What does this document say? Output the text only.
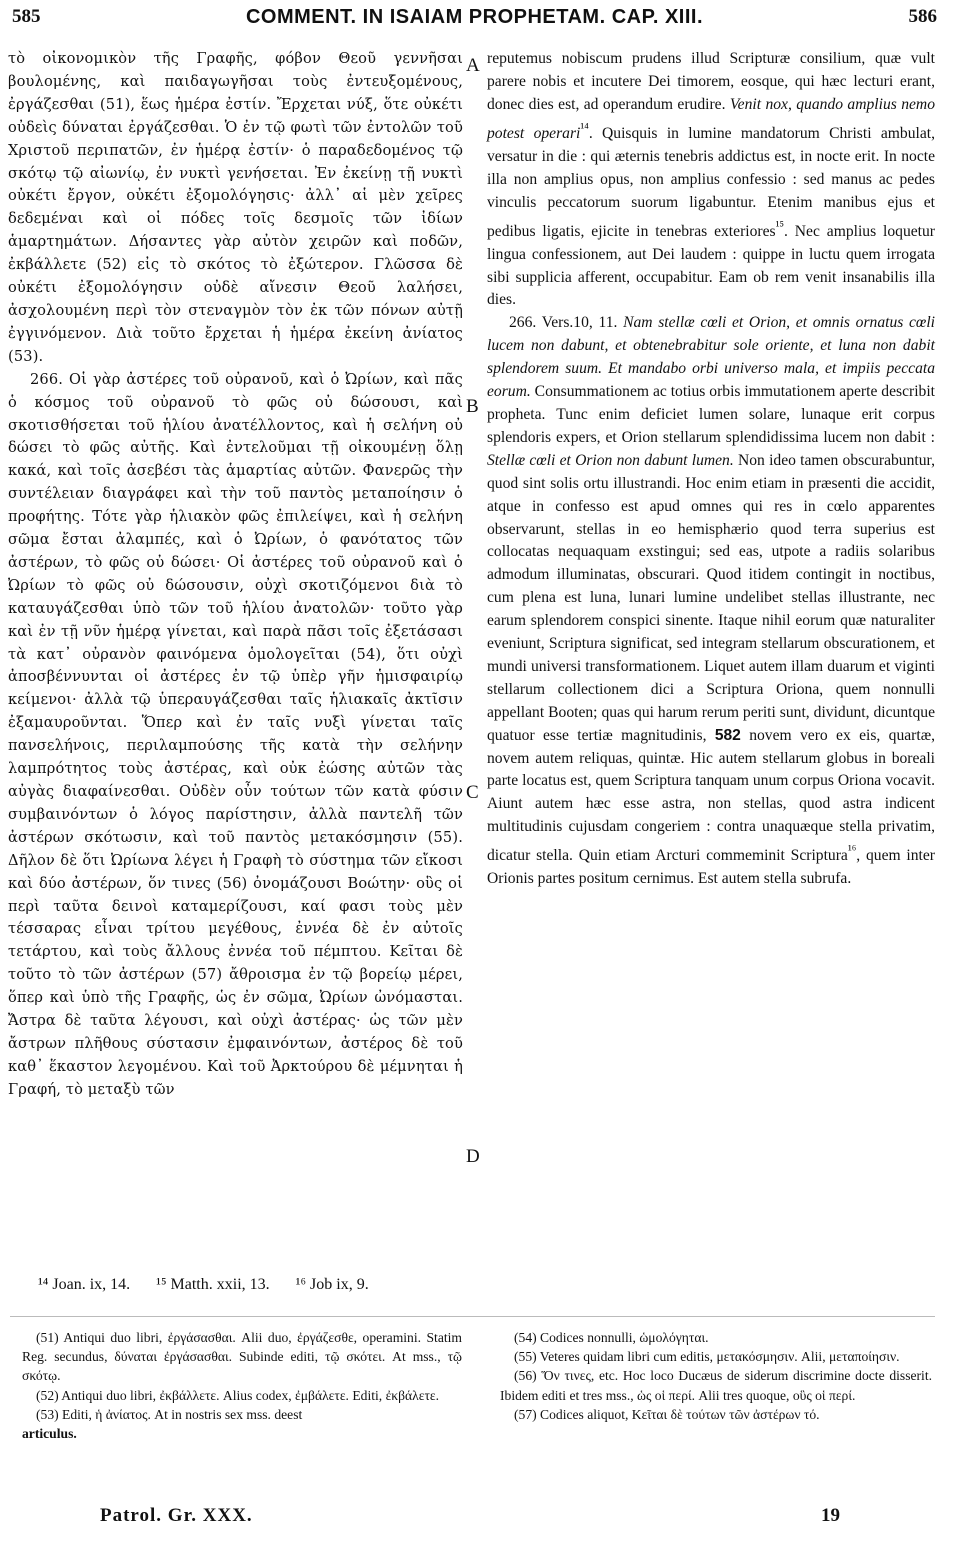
585	COMMENT. IN ISAIAM PROPHETAM. CAP. XIII.	586

τὸ οἰκονομικὸν τῆς Γραφῆς, φόβον Θεοῦ γεννῆσαι βουλομένης, καὶ παιδαγωγῆσαι τοὺς ἐντευξομένους, ἐργάζεσθαι (51), ἕως ἡμέρα ἐστίν. Ἔρχεται νύξ, ὅτε οὐκέτι οὐδεὶς δύναται ἐργάζεσθαι. Ὁ ἐν τῷ φωτὶ τῶν ἐντολῶν τοῦ Χριστοῦ περιπατῶν, ἐν ἡμέρᾳ ἐστίν· ὁ παραδεδομένος τῷ σκότῳ τῷ αἰωνίῳ, ἐν νυκτὶ γενήσεται. Ἐν ἐκείνῃ τῇ νυκτὶ οὐκέτι ἔργον, οὐκέτι ἐξομολόγησις· ἀλλ᾽ αἱ μὲν χεῖρες δεδεμέναι καὶ οἱ πόδες τοῖς δεσμοῖς τῶν ἰδίων ἁμαρτημάτων. Δήσαντες γὰρ αὐτὸν χειρῶν καὶ ποδῶν, ἐκβάλλετε (52) εἰς τὸ σκότος τὸ ἐξώτερον. Γλῶσσα δὲ οὐκέτι ἐξομολόγησιν οὐδὲ αἴνεσιν Θεοῦ λαλήσει, ἀσχολουμένη περὶ τὸν στεναγμὸν τὸν ἐκ τῶν πόνων αὐτῇ ἐγγινόμενον. Διὰ τοῦτο ἔρχεται ἡ ἡμέρα ἐκείνη ἀνίατος (53).

266. Οἱ γὰρ ἀστέρες τοῦ οὐρανοῦ, καὶ ὁ Ὠρίων, καὶ πᾶς ὁ κόσμος τοῦ οὐρανοῦ τὸ φῶς οὐ δώσουσι, καὶ σκοτισθήσεται τοῦ ἡλίου ἀνατέλλοντος, καὶ ἡ σελήνη οὐ δώσει τὸ φῶς αὐτῆς. Καὶ ἐντελοῦμαι τῇ οἰκουμένῃ ὅλῃ κακά, καὶ τοῖς ἀσεβέσι τὰς ἁμαρτίας αὐτῶν. Φανερῶς τὴν συντέλειαν διαγράφει καὶ τὴν τοῦ παντὸς μεταποίησιν ὁ προφήτης. Τότε γὰρ ἡλιακὸν φῶς ἐπιλείψει, καὶ ἡ σελήνη σῶμα ἔσται ἀλαμπές, καὶ ὁ Ὠρίων, ὁ φανότατος τῶν ἀστέρων, τὸ φῶς οὐ δώσει· Οἱ ἀστέρες τοῦ οὐρανοῦ καὶ ὁ Ὠρίων τὸ φῶς οὐ δώσουσιν, οὐχὶ σκοτιζόμενοι διὰ τὸ καταυγάζεσθαι ὑπὸ τῶν τοῦ ἡλίου ἀνατολῶν· τοῦτο γὰρ καὶ ἐν τῇ νῦν ἡμέρᾳ γίνεται, καὶ παρὰ πᾶσι τοῖς ἐξετάσασι τὰ κατ᾽ οὐρανὸν φαινόμενα ὁμολογεῖται (54), ὅτι οὐχὶ ἀποσβέννυνται οἱ ἀστέρες ἐν τῷ ὑπὲρ γῆν ἡμισφαιρίῳ κείμενοι· ἀλλὰ τῷ ὑπεραυγάζεσθαι ταῖς ἡλιακαῖς ἀκτῖσιν ἐξαμαυροῦνται. Ὅπερ καὶ ἐν ταῖς νυξὶ γίνεται ταῖς πανσελήνοις, περιλαμπούσης τῆς κατὰ τὴν σελήνην λαμπρότητος τοὺς ἀστέρας, καὶ οὐκ ἐώσης αὐτῶν τὰς αὐγὰς διαφαίνεσθαι. Οὐδὲν οὖν τούτων τῶν κατὰ φύσιν συμβαινόντων ὁ λόγος παρίστησιν, ἀλλὰ παντελῆ τῶν ἀστέρων σκότωσιν, καὶ τοῦ παντὸς μετακόσμησιν (55). Δῆλον δὲ ὅτι Ὠρίωνα λέγει ἡ Γραφὴ τὸ σύστημα τῶν εἴκοσι καὶ δύο ἀστέρων, ὅν τινες (56) ὀνομάζουσι Βοώτην· οὓς οἱ περὶ ταῦτα δεινοὶ καταμερίζουσι, καί φασι τοὺς μὲν τέσσαρας εἶναι τρίτου μεγέθους, ἐννέα δὲ ἐν αὐτοῖς τετάρτου, καὶ τοὺς ἄλλους ἐννέα τοῦ πέμπτου. Κεῖται δὲ τοῦτο τὸ τῶν ἀστέρων (57) ἄθροισμα ἐν τῷ βορείῳ μέρει, ὅπερ καὶ ὑπὸ τῆς Γραφῆς, ὡς ἐν σῶμα, Ὠρίων ὠνόμασται. Ἄστρα δὲ ταῦτα λέγουσι, καὶ οὐχὶ ἀστέρας· ὡς τῶν μὲν ἄστρων πλῆθους σύστασιν ἐμφαινόντων, ἀστέρος δὲ τοῦ καθ᾽ ἕκαστον λεγομένου. Καὶ τοῦ Ἀρκτούρου δὲ μέμνηται ἡ Γραφή, τὸ μεταξὺ τῶν

A
B
C
D

reputemus nobiscum prudens illud Scripturæ consilium, quæ vult parere nobis et incutere Dei timorem, eosque, qui hæc lecturi erant, donec dies est, ad operandum erudire. Venit nox, quando amplius nemo potest operari$^{^{14}}$. Quisquis in lumine mandatorum Christi ambulat, versatur in die : qui æternis tenebris addictus est, in nocte erit. In nocte illa non amplius opus, non amplius confessio : sed manus ac pedes vinculis peccatorum suorum ligabuntur. Etenim manibus ejus et pedibus ligatis, ejicite in tenebras exteriores$^{^{15}}$. Nec amplius loquetur lingua confessionem, aut Dei laudem : quippe in luctu quem irrogata sibi supplicia afferent, occupabitur. Eam ob rem venit insanabilis illa dies.

266. Vers.10, 11. Nam stellæ cœli et Orion, et omnis ornatus cœli lucem non dabunt, et obtenebrabitur sole oriente, et luna non dabit splendorem suum. Et mandabo orbi universo mala, et impiis peccata eorum. Consummationem ac totius orbis immutationem aperte describit propheta. Tunc enim deficiet lumen solare, lunaque erit corpus splendoris expers, et Orion stellarum splendidissima lucem non dabit : Stellæ cœli et Orion non dabunt lumen. Non ideo tamen obscurabuntur, quod sint solis ortu illustrandi. Hoc enim etiam in præsenti die accidit, atque in confesso est apud omnes qui res in cœlo apparentes observarunt, stellas in eo hemisphærio quod terra superius est collocatas nequaquam exstingui; sed eas, utpote a radiis solaribus admodum illuminatas, obscurari. Quod itidem contingit in noctibus, cum plena est luna, lunari lumine undelibet stellas illustrante, nec earum splendorem conspici sinente. Itaque nihil eorum quæ naturaliter eveniunt, Scriptura significat, sed integram stellarum obscurationem, et mundi universi transformationem. Liquet autem illam duarum et viginti stellarum collectionem dici a Scriptura Oriona, quem nonnulli appellant Booten; quas qui harum rerum periti sunt, dividunt, dicuntque quatuor esse tertiæ magnitudinis, 582 novem vero ex eis, quartæ, novem autem reliquas, quintæ. Hic autem stellarum globus in boreali parte locatus est, quem Scriptura tanquam unum corpus Oriona vocavit. Aiunt autem hæc esse astra, non stellas, quod astra indicent multitudinis cujusdam congeriem : contra unaquæque stella privatim, dicatur stella. Quin etiam Arcturi commeminit Scriptura$^{^{16}}$, quem inter Orionis partes positum cernimus. Est autem stella subrufa.

¹⁴ Joan. ix, 14. ¹⁵ Matth. xxii, 13. ¹⁶ Job ix, 9.

(51) Antiqui duo libri, ἐργάσασθαι. Alii duo, ἐργάζεσθε, operamini. Statim Reg. secundus, δύναται ἐργάσασθαι. Subinde editi, τῷ σκότει. At mss., τῷ σκότῳ.

(52) Antiqui duo libri, ἐκβάλλετε. Alius codex, ἐμβάλετε. Editi, ἐκβάλετε.

(53) Editi, ἡ ἀνίατος. At in nostris sex mss. deest

articulus.

(54) Codices nonnulli, ὡμολόγηται.

(55) Veteres quidam libri cum editis, μετακόσμησιν. Alii, μεταποίησιν.

(56) Ὅν τινες, etc. Hoc loco Ducæus de siderum discrimine docte disserit. Ibidem editi et tres mss., ὡς οἱ περί. Alii tres quoque, οὓς οἱ περί.

(57) Codices aliquot, Κεῖται δὲ τούτων τῶν ἀστέρων τό.

Patrol. Gr. XXX.	19
